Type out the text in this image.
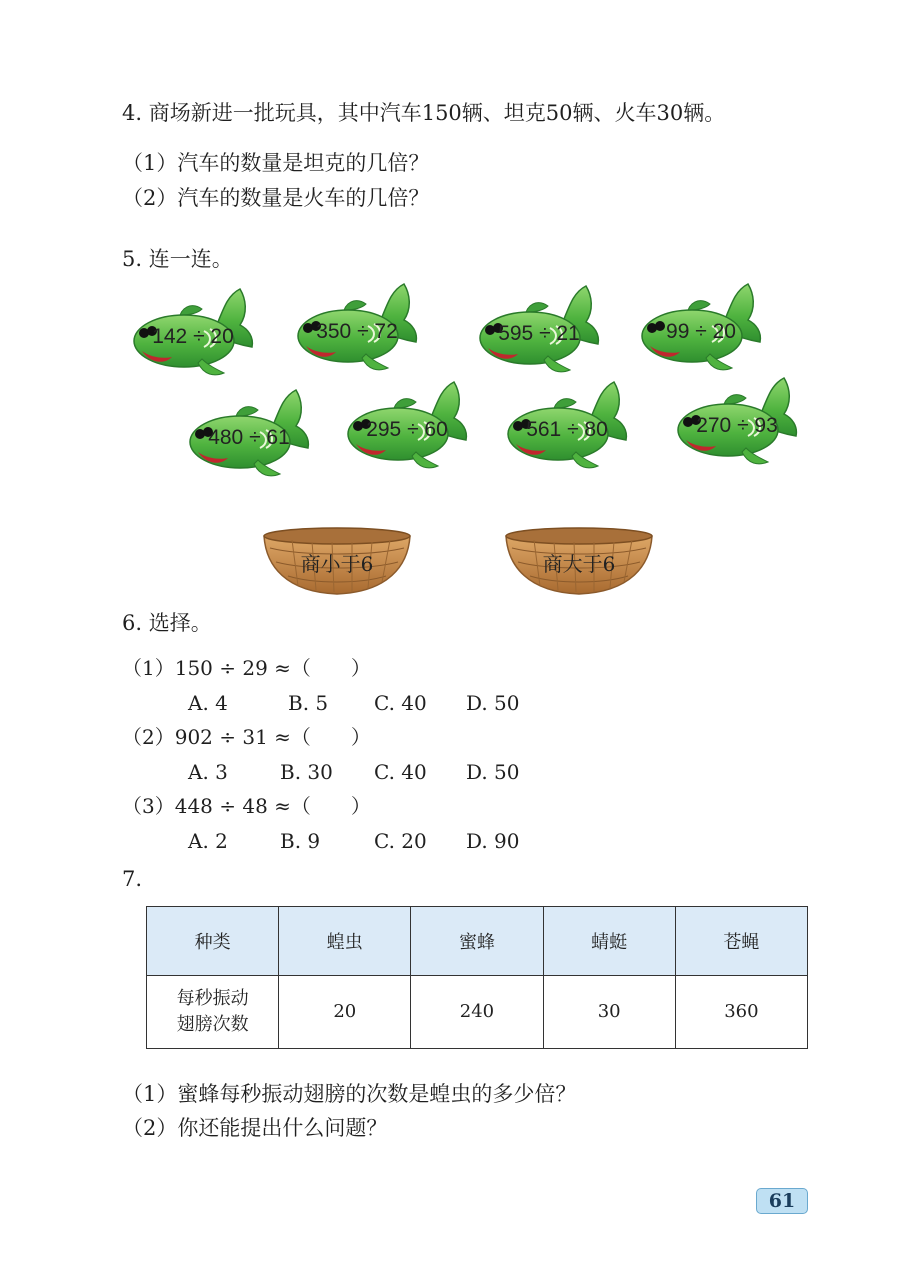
4. 商场新进一批玩具，其中汽车150辆、坦克50辆、火车30辆。
（1）汽车的数量是坦克的几倍？
（2）汽车的数量是火车的几倍？
5. 连一连。
142 ÷ 20	350 ÷ 72	595 ÷ 21	99 ÷ 20
480 ÷ 61	295 ÷ 60	561 ÷ 80	270 ÷ 93
商小于6	商大于6
6. 选择。
（1）150 ÷ 29 ≈（　　）
A. 4	B. 5 C. 40 D. 50
（2）902 ÷ 31 ≈（　　）
A. 3	B. 30 C. 40 D. 50
（3）448 ÷ 48 ≈（　　）
A. 2	B. 9	C. 20 D. 90
7.
种类	蝗虫	蜜蜂	蜻蜓	苍蝇
每秒振动
翅膀次数	20	240	30	360
（1）蜜蜂每秒振动翅膀的次数是蝗虫的多少倍？
（2）你还能提出什么问题？
61
